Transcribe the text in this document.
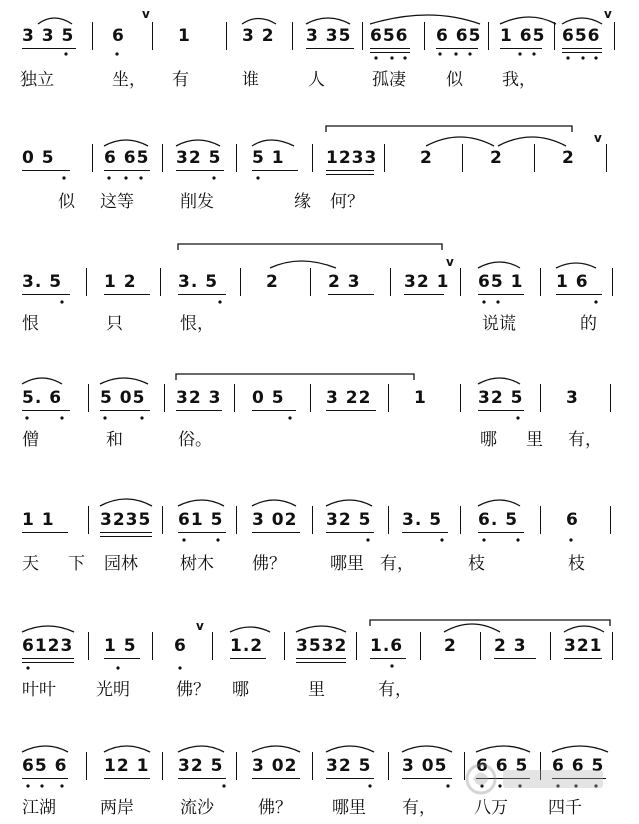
3 3 5 6
v
1	3 2 3 35 656 6 65 1 65 656
v
独立	坐， 有	谁	人	孤凄 似 我，
0 5	6 65 32 5 5 1 1233	2	2	2
v
似 这等	削发	缘 何？
3. 5 1 2 3. 5	2	2 3	32 1
v
65 1 1 6
恨	只	恨，	说谎	的
5. 6 5 05 32 3 0 5 3 22	1	32 5	3
僧	和	俗。	哪 里 有，
1 1	3235 61 5 3 02 32 5 3. 5 6. 5	6
天 下 园林 树木 佛？	哪里 有，	枝	枝
6123 1 5 6
v
1.2 3532 1.6 2 2 3 321
叶叶 光明	佛？ 哪	里	有，
65 6 12 1 32 5 3 02 32 5 3 05 6 6 5 6 6 5
江湖	两岸	流沙	佛？ 哪里 有， 八万 四千
